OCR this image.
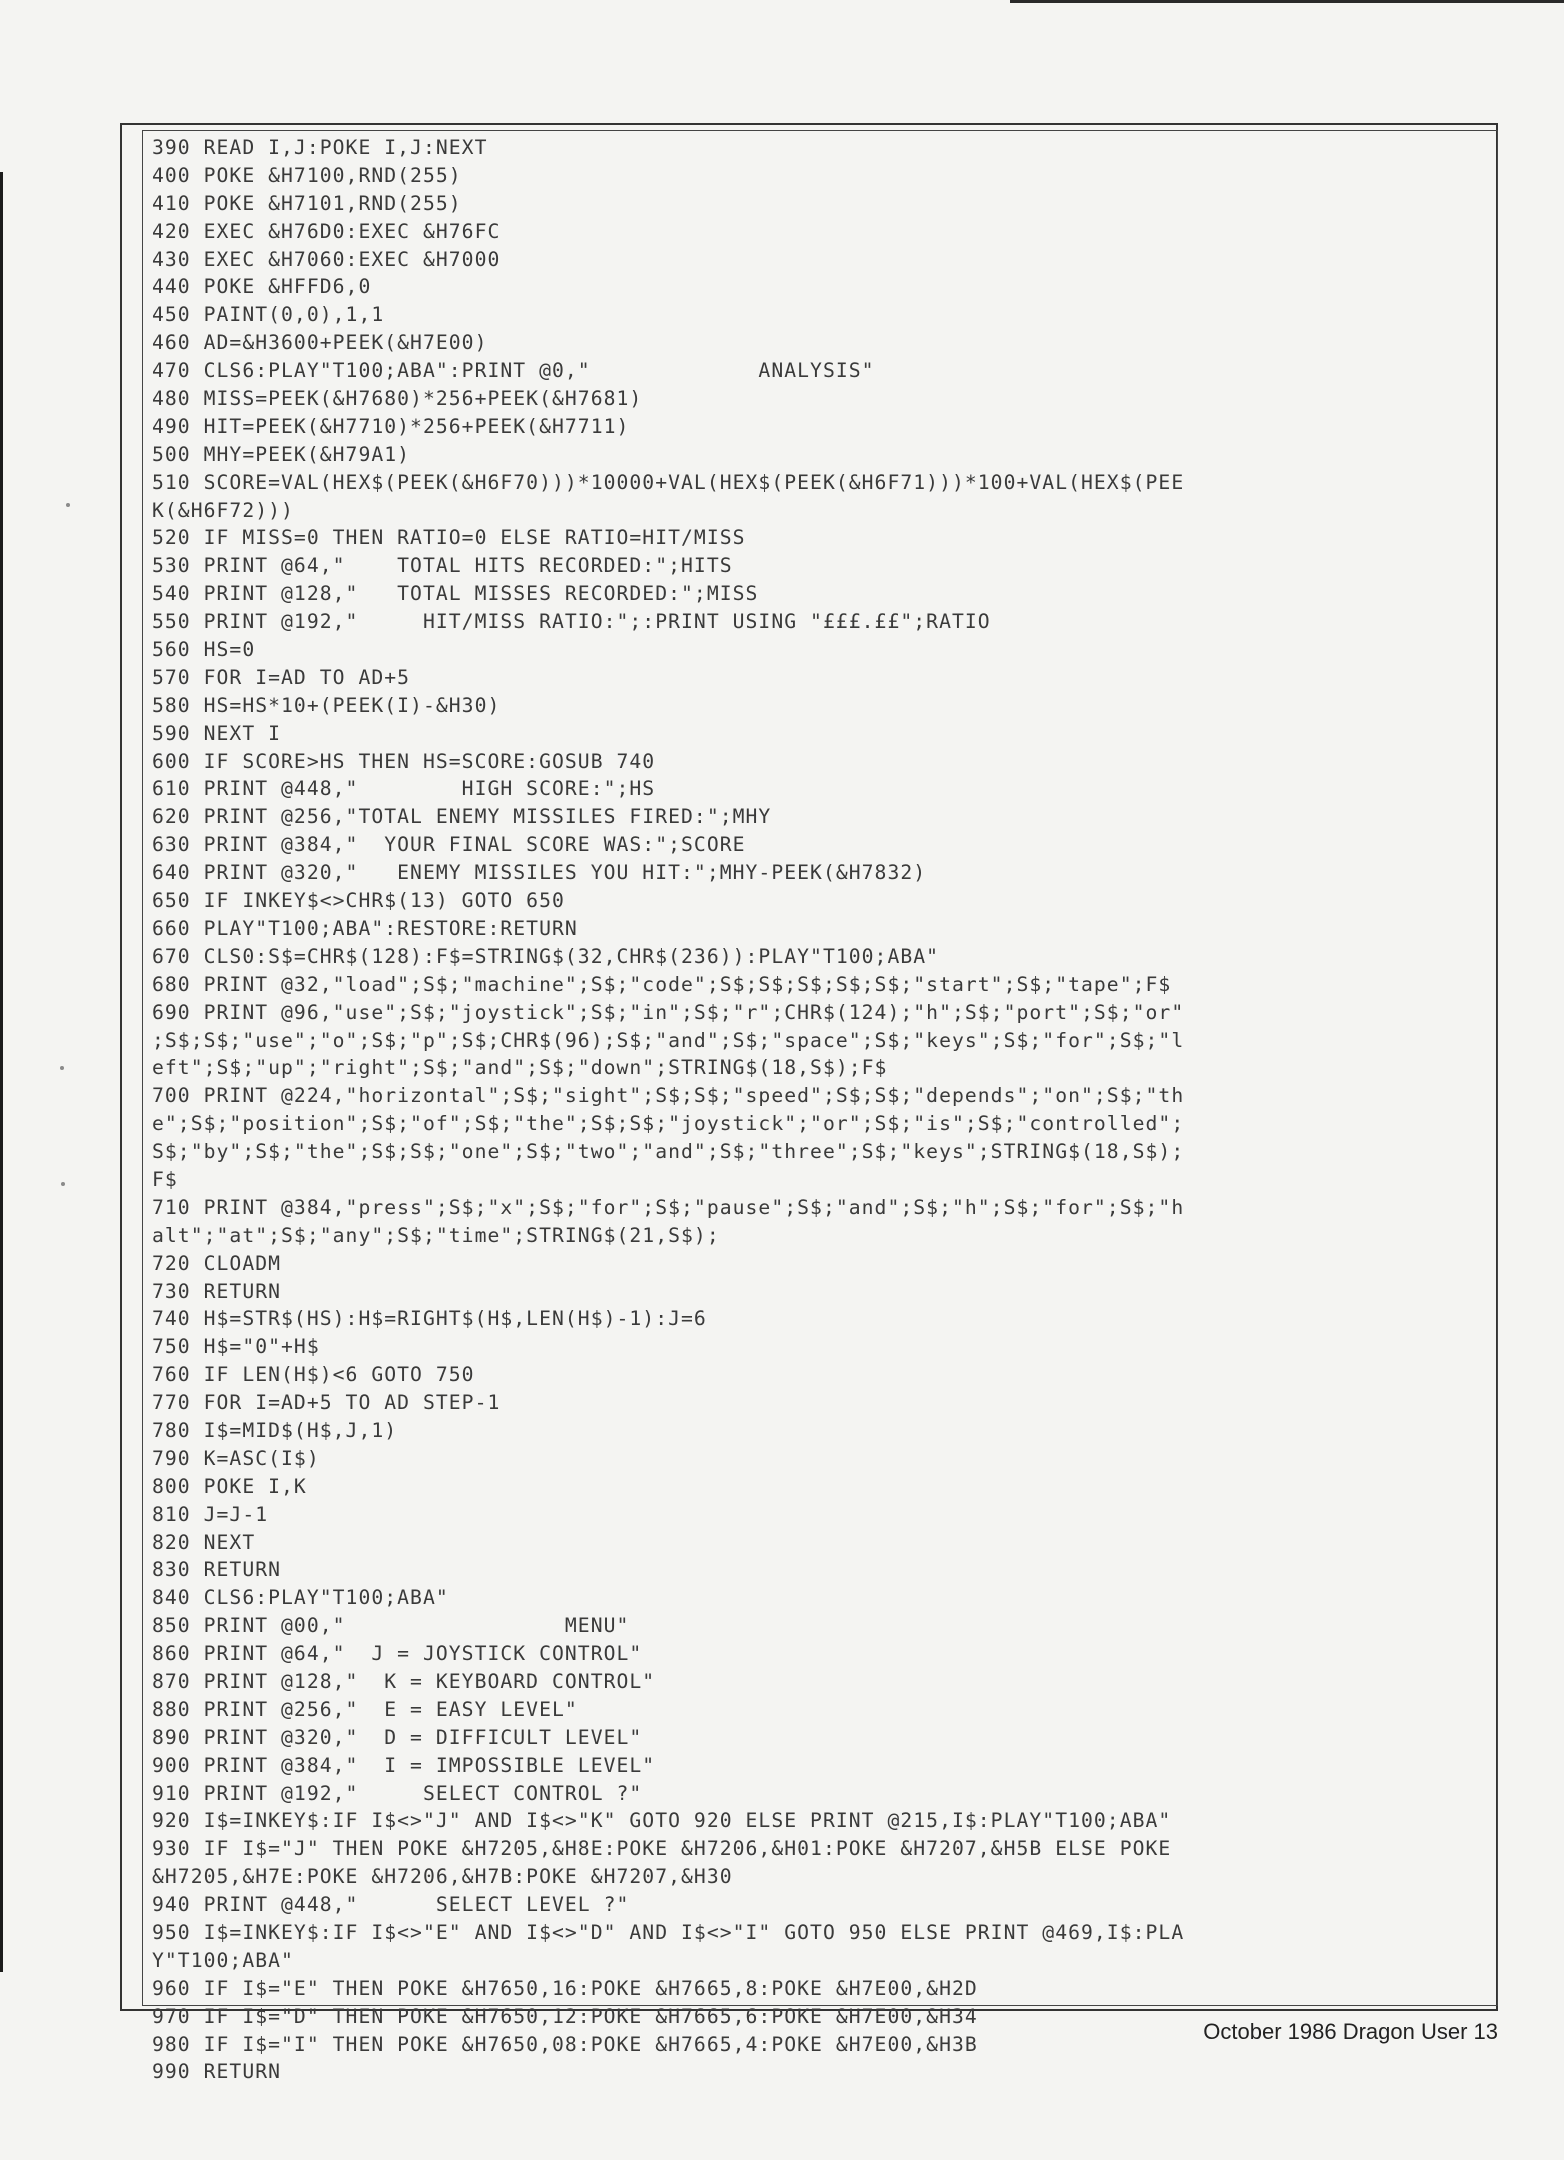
390 READ I,J:POKE I,J:NEXT
400 POKE &H7100,RND(255)
410 POKE &H7101,RND(255)
420 EXEC &H76D0:EXEC &H76FC
430 EXEC &H7060:EXEC &H7000
440 POKE &HFFD6,0
450 PAINT(0,0),1,1
460 AD=&H3600+PEEK(&H7E00)
470 CLS6:PLAY"T100;ABA":PRINT @0,"             ANALYSIS"
480 MISS=PEEK(&H7680)*256+PEEK(&H7681)
490 HIT=PEEK(&H7710)*256+PEEK(&H7711)
500 MHY=PEEK(&H79A1)
510 SCORE=VAL(HEX$(PEEK(&H6F70)))*10000+VAL(HEX$(PEEK(&H6F71)))*100+VAL(HEX$(PEE
K(&H6F72)))
520 IF MISS=0 THEN RATIO=0 ELSE RATIO=HIT/MISS
530 PRINT @64,"    TOTAL HITS RECORDED:";HITS
540 PRINT @128,"   TOTAL MISSES RECORDED:";MISS
550 PRINT @192,"     HIT/MISS RATIO:";:PRINT USING "£££.££";RATIO
560 HS=0
570 FOR I=AD TO AD+5
580 HS=HS*10+(PEEK(I)-&H30)
590 NEXT I
600 IF SCORE>HS THEN HS=SCORE:GOSUB 740
610 PRINT @448,"        HIGH SCORE:";HS
620 PRINT @256,"TOTAL ENEMY MISSILES FIRED:";MHY
630 PRINT @384,"  YOUR FINAL SCORE WAS:";SCORE
640 PRINT @320,"   ENEMY MISSILES YOU HIT:";MHY-PEEK(&H7832)
650 IF INKEY$<>CHR$(13) GOTO 650
660 PLAY"T100;ABA":RESTORE:RETURN
670 CLS0:S$=CHR$(128):F$=STRING$(32,CHR$(236)):PLAY"T100;ABA"
680 PRINT @32,"load";S$;"machine";S$;"code";S$;S$;S$;S$;S$;"start";S$;"tape";F$
690 PRINT @96,"use";S$;"joystick";S$;"in";S$;"r";CHR$(124);"h";S$;"port";S$;"or"
;S$;S$;"use";"o";S$;"p";S$;CHR$(96);S$;"and";S$;"space";S$;"keys";S$;"for";S$;"l
eft";S$;"up";"right";S$;"and";S$;"down";STRING$(18,S$);F$
700 PRINT @224,"horizontal";S$;"sight";S$;S$;"speed";S$;S$;"depends";"on";S$;"th
e";S$;"position";S$;"of";S$;"the";S$;S$;"joystick";"or";S$;"is";S$;"controlled";
S$;"by";S$;"the";S$;S$;"one";S$;"two";"and";S$;"three";S$;"keys";STRING$(18,S$);
F$
710 PRINT @384,"press";S$;"x";S$;"for";S$;"pause";S$;"and";S$;"h";S$;"for";S$;"h
alt";"at";S$;"any";S$;"time";STRING$(21,S$);
720 CLOADM
730 RETURN
740 H$=STR$(HS):H$=RIGHT$(H$,LEN(H$)-1):J=6
750 H$="0"+H$
760 IF LEN(H$)<6 GOTO 750
770 FOR I=AD+5 TO AD STEP-1
780 I$=MID$(H$,J,1)
790 K=ASC(I$)
800 POKE I,K
810 J=J-1
820 NEXT
830 RETURN
840 CLS6:PLAY"T100;ABA"
850 PRINT @00,"                 MENU"
860 PRINT @64,"  J = JOYSTICK CONTROL"
870 PRINT @128,"  K = KEYBOARD CONTROL"
880 PRINT @256,"  E = EASY LEVEL"
890 PRINT @320,"  D = DIFFICULT LEVEL"
900 PRINT @384,"  I = IMPOSSIBLE LEVEL"
910 PRINT @192,"     SELECT CONTROL ?"
920 I$=INKEY$:IF I$<>"J" AND I$<>"K" GOTO 920 ELSE PRINT @215,I$:PLAY"T100;ABA"
930 IF I$="J" THEN POKE &H7205,&H8E:POKE &H7206,&H01:POKE &H7207,&H5B ELSE POKE
&H7205,&H7E:POKE &H7206,&H7B:POKE &H7207,&H30
940 PRINT @448,"      SELECT LEVEL ?"
950 I$=INKEY$:IF I$<>"E" AND I$<>"D" AND I$<>"I" GOTO 950 ELSE PRINT @469,I$:PLA
Y"T100;ABA"
960 IF I$="E" THEN POKE &H7650,16:POKE &H7665,8:POKE &H7E00,&H2D
970 IF I$="D" THEN POKE &H7650,12:POKE &H7665,6:POKE &H7E00,&H34
980 IF I$="I" THEN POKE &H7650,08:POKE &H7665,4:POKE &H7E00,&H3B
990 RETURN
October 1986 Dragon User 13
